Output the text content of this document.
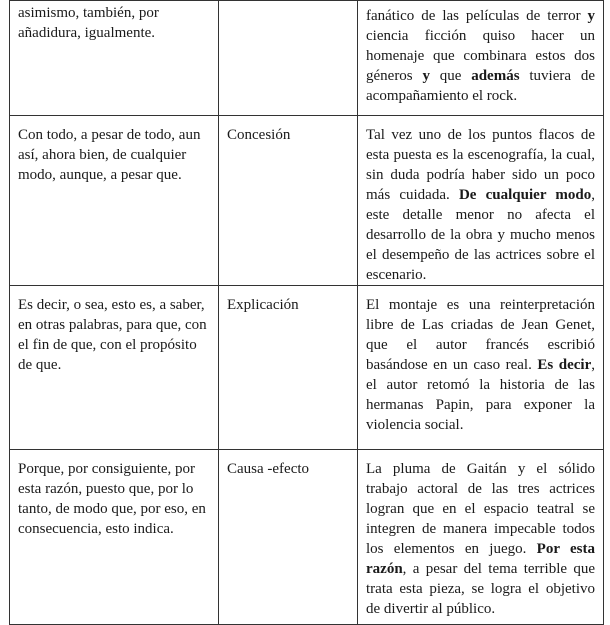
asimismo, también, por añadidura, igualmente.		fanático de las películas de terror y ciencia ficción quiso hacer un homenaje que combinara estos dos géneros y que además tuviera de acompañamiento el rock.
Con todo, a pesar de todo, aun así, ahora bien, de cualquier modo, aunque, a pesar que.	Concesión	Tal vez uno de los puntos flacos de esta puesta es la escenografía, la cual, sin duda podría haber sido un poco más cuidada. De cualquier modo, este detalle menor no afecta el desarrollo de la obra y mucho menos el desempeño de las actrices sobre el escenario.
Es decir, o sea, esto es, a saber, en otras palabras, para que, con el fin de que, con el propósito de que.	Explicación	El montaje es una reinterpretación libre de Las criadas de Jean Genet, que el autor francés escribió basándose en un caso real. Es decir, el autor retomó la historia de las hermanas Papin, para exponer la violencia social.
Porque, por consiguiente, por esta razón, puesto que, por lo tanto, de modo que, por eso, en consecuencia, esto indica.	Causa -efecto	La pluma de Gaitán y el sólido trabajo actoral de las tres actrices logran que en el espacio teatral se integren de manera impecable todos los elementos en juego. Por esta razón, a pesar del tema terrible que trata esta pieza, se logra el objetivo de divertir al público.
